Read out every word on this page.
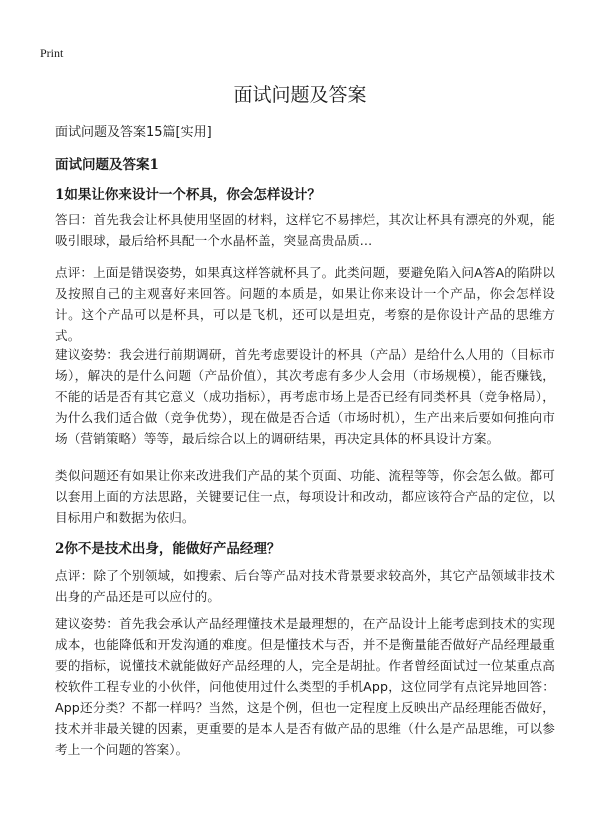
Print
面试问题及答案
面试问题及答案15篇[实用]
面试问题及答案1
1如果让你来设计一个杯具，你会怎样设计？
答曰：首先我会让杯具使用坚固的材料，这样它不易摔烂，其次让杯具有漂亮的外观，能吸引眼球，最后给杯具配一个水晶杯盖，突显高贵品质…
点评：上面是错误姿势，如果真这样答就杯具了。此类问题，要避免陷入问A答A的陷阱以及按照自己的主观喜好来回答。问题的本质是，如果让你来设计一个产品，你会怎样设计。这个产品可以是杯具，可以是飞机，还可以是坦克，考察的是你设计产品的思维方式。
建议姿势：我会进行前期调研，首先考虑要设计的杯具（产品）是给什么人用的（目标市场），解决的是什么问题（产品价值），其次考虑有多少人会用（市场规模），能否赚钱，不能的话是否有其它意义（成功指标），再考虑市场上是否已经有同类杯具（竞争格局），为什么我们适合做（竞争优势），现在做是否合适（市场时机），生产出来后要如何推向市场（营销策略）等等，最后综合以上的调研结果，再决定具体的杯具设计方案。
类似问题还有如果让你来改进我们产品的某个页面、功能、流程等等，你会怎么做。都可以套用上面的方法思路，关键要记住一点，每项设计和改动，都应该符合产品的定位，以目标用户和数据为依归。
2你不是技术出身，能做好产品经理？
点评：除了个别领域，如搜索、后台等产品对技术背景要求较高外，其它产品领域非技术出身的产品还是可以应付的。
建议姿势：首先我会承认产品经理懂技术是最理想的，在产品设计上能考虑到技术的实现成本，也能降低和开发沟通的难度。但是懂技术与否，并不是衡量能否做好产品经理最重要的指标，说懂技术就能做好产品经理的人，完全是胡扯。作者曾经面试过一位某重点高校软件工程专业的小伙伴，问他使用过什么类型的手机App，这位同学有点诧异地回答：App还分类？不都一样吗？当然，这是个例，但也一定程度上反映出产品经理能否做好，技术并非最关键的因素，更重要的是本人是否有做产品的思维（什么是产品思维，可以参考上一个问题的答案）。
